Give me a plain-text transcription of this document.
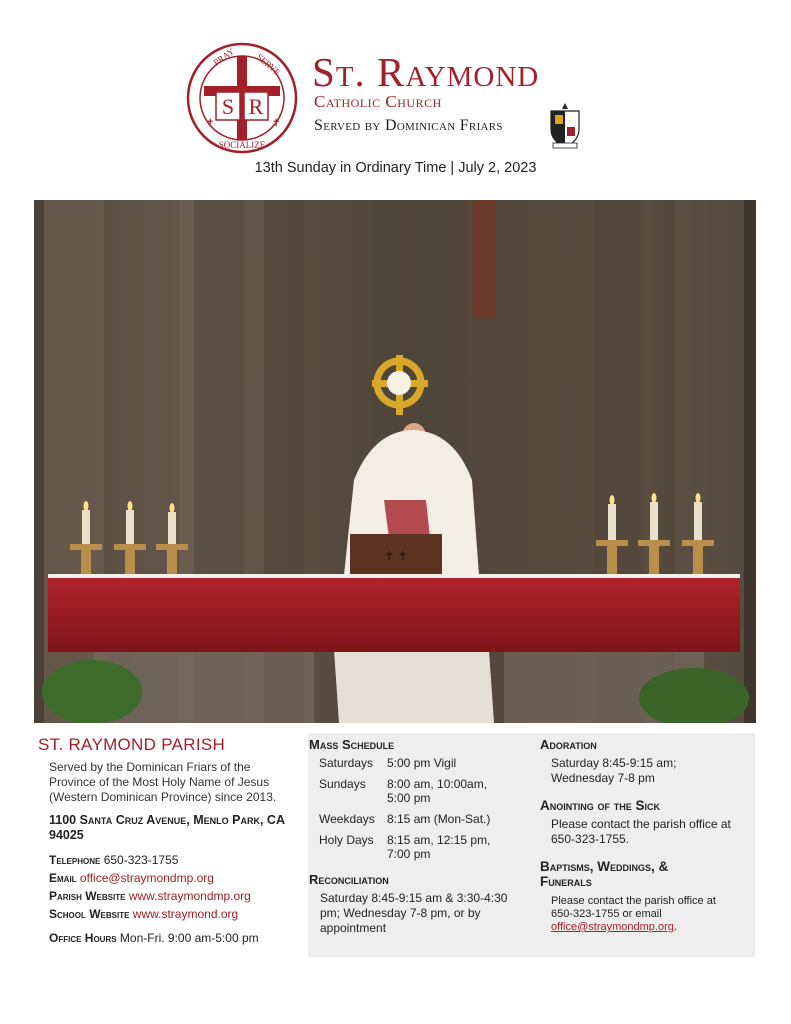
S R
PRAY SERVE
SOCIALIZE
✝	✝
St. Raymond
Catholic Church
Served by Dominican Friars
13th Sunday in Ordinary Time | July 2, 2023
✝ ✝
ST. RAYMOND PARISH

Served by the Dominican Friars of the Province of the Most Holy Name of Jesus (Western Dominican Province) since 2013.

1100 Santa Cruz Avenue, Menlo Park, CA 94025

Telephone 650-323-1755

Email office@straymondmp.org

Parish Website www.straymondmp.org

School Website www.straymond.org

Office Hours Mon-Fri. 9:00 am-5:00 pm

Mass Schedule
Saturdays	5:00 pm Vigil
Sundays	8:00 am, 10:00am, 5:00 pm
Weekdays	8:15 am (Mon-Sat.)
Holy Days	8:15 am, 12:15 pm, 7:00 pm
Reconciliation

Saturday 8:45-9:15 am & 3:30-4:30 pm; Wednesday 7-8 pm, or by appointment

Adoration

Saturday 8:45-9:15 am; Wednesday 7-8 pm

Anointing of the Sick

Please contact the parish office at 650-323-1755.

Baptisms, Weddings, & Funerals

Please contact the parish office at 650-323-1755 or email office@straymondmp.org.
